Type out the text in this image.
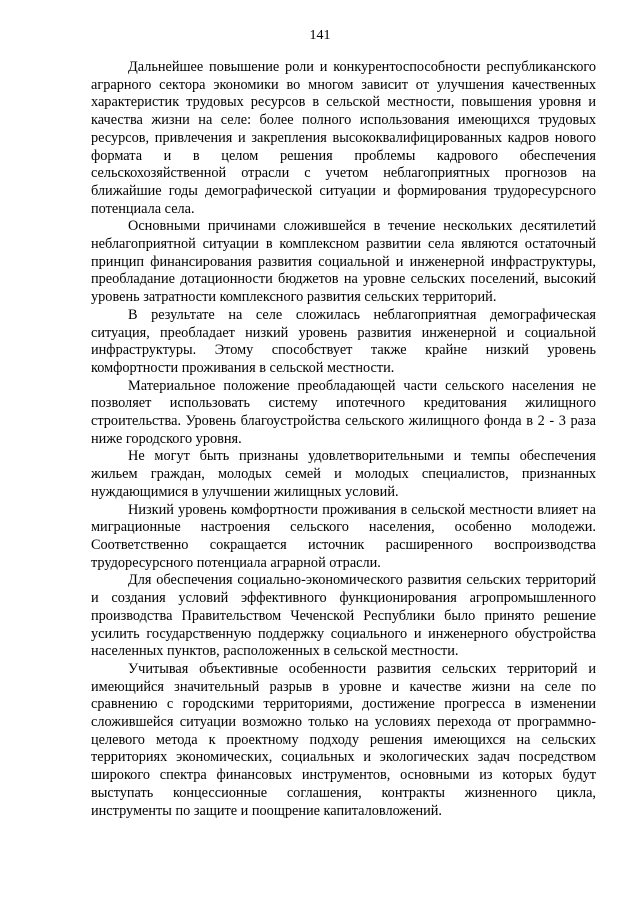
141

Дальнейшее повышение роли и конкурентоспособности республиканского аграрного сектора экономики во многом зависит от улучшения качественных характеристик трудовых ресурсов в сельской местности, повышения уровня и качества жизни на селе: более полного использования имеющихся трудовых ресурсов, привлечения и закрепления высококвалифицированных кадров нового формата и в целом решения проблемы кадрового обеспечения сельскохозяйственной отрасли с учетом неблагоприятных прогнозов на ближайшие годы демографической ситуации и формирования трудоресурсного потенциала села.

Основными причинами сложившейся в течение нескольких десятилетий неблагоприятной ситуации в комплексном развитии села являются остаточный принцип финансирования развития социальной и инженерной инфраструктуры, преобладание дотационности бюджетов на уровне сельских поселений, высокий уровень затратности комплексного развития сельских территорий.

В результате на селе сложилась неблагоприятная демографическая ситуация, преобладает низкий уровень развития инженерной и социальной инфраструктуры. Этому способствует также крайне низкий уровень комфортности проживания в сельской местности.

Материальное положение преобладающей части сельского населения не позволяет использовать систему ипотечного кредитования жилищного строительства. Уровень благоустройства сельского жилищного фонда в 2 - 3 раза ниже городского уровня.

Не могут быть признаны удовлетворительными и темпы обеспечения жильем граждан, молодых семей и молодых специалистов, признанных нуждающимися в улучшении жилищных условий.

Низкий уровень комфортности проживания в сельской местности влияет на миграционные настроения сельского населения, особенно молодежи. Соответственно сокращается источник расширенного воспроизводства трудоресурсного потенциала аграрной отрасли.

Для обеспечения социально-экономического развития сельских территорий и создания условий эффективного функционирования агропромышленного производства Правительством Чеченской Республики было принято решение усилить государственную поддержку социального и инженерного обустройства населенных пунктов, расположенных в сельской местности.

Учитывая объективные особенности развития сельских территорий и имеющийся значительный разрыв в уровне и качестве жизни на селе по сравнению с городскими территориями, достижение прогресса в изменении сложившейся ситуации возможно только на условиях перехода от программно-целевого метода к проектному подходу решения имеющихся на сельских территориях экономических, социальных и экологических задач посредством широкого спектра финансовых инструментов, основными из которых будут выступать концессионные соглашения, контракты жизненного цикла, инструменты по защите и поощрение капиталовложений.
